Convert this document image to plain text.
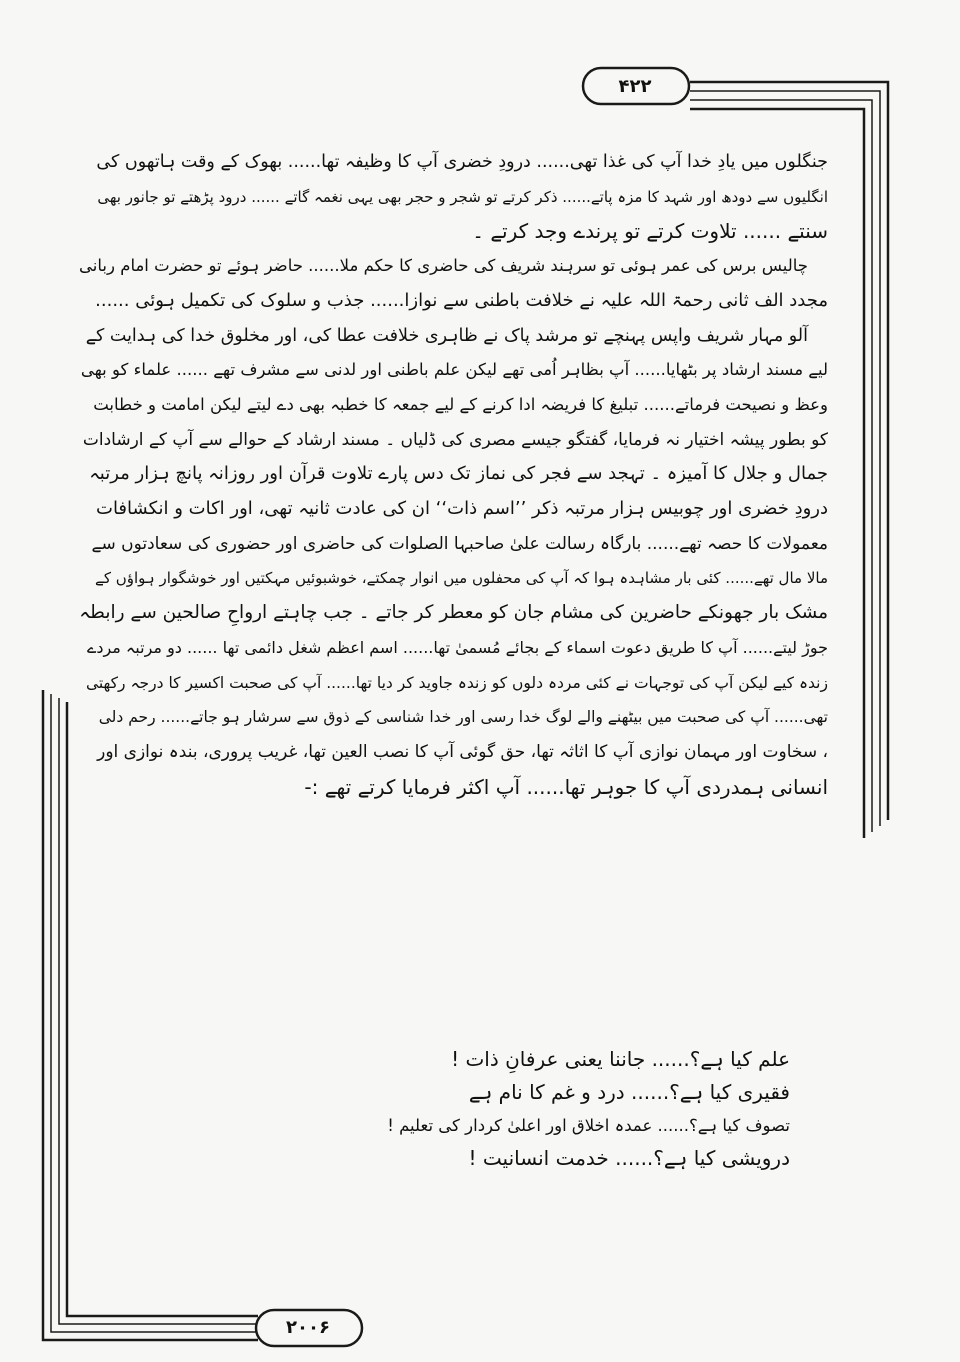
۴۲۲
۲۰۰۶

جنگلوں میں یادِ خدا آپ کی غذا تھی...... درودِ خضری آپ کا وظیفہ تھا...... بھوک کے وقت ہاتھوں کی
انگلیوں سے دودھ اور شہد کا مزہ پاتے...... ذکر کرتے تو شجر و حجر بھی یہی نغمہ گاتے ...... درود پڑھتے تو جانور بھی
سنتے ...... تلاوت کرتے تو پرندے وجد کرتے ۔

چالیس برس کی عمر ہوئی تو سرہند شریف کی حاضری کا حکم ملا...... حاضر ہوئے تو حضرت امام ربانی
مجدد الف ثانی رحمۃ اللہ علیہ نے خلافت باطنی سے نوازا...... جذب و سلوک کی تکمیل ہوئی ......

آلو مہار شریف واپس پہنچے تو مرشد پاک نے ظاہری خلافت عطا کی، اور مخلوق خدا کی ہدایت کے
لیے مسند ارشاد پر بٹھایا...... آپ بظاہر اُمی تھے لیکن علم باطنی اور لدنی سے مشرف تھے ...... علماء کو بھی
وعظ و نصیحت فرماتے...... تبلیغ کا فریضہ ادا کرنے کے لیے جمعہ کا خطبہ بھی دے لیتے لیکن امامت و خطابت
کو بطور پیشہ اختیار نہ فرمایا، گفتگو جیسے مصری کی ڈلیاں ۔ مسند ارشاد کے حوالے سے آپ کے ارشادات
جمال و جلال کا آمیزہ ۔ تہجد سے فجر کی نماز تک دس پارے تلاوت قرآن اور روزانہ پانچ ہزار مرتبہ
درودِ خضری اور چوبیس ہزار مرتبہ ذکر ’’اسم ذات‘‘ ان کی عادت ثانیہ تھی، اور اکات و انکشافات
معمولات کا حصہ تھے...... بارگاہ رسالت علیٰ صاحبہا الصلوات کی حاضری اور حضوری کی سعادتوں سے
مالا مال تھے...... کئی بار مشاہدہ ہوا کہ آپ کی محفلوں میں انوار چمکتے، خوشبوئیں مہکتیں اور خوشگوار ہواؤں کے
مشک بار جھونکے حاضرین کی مشام جان کو معطر کر جاتے ۔ جب چاہتے ارواحِ صالحین سے رابطہ
جوڑ لیتے...... آپ کا طریق دعوت اسماء کے بجائے مُسمیٰ تھا...... اسم اعظم شغل دائمی تھا ...... دو مرتبہ مردے
زندہ کیے لیکن آپ کی توجہات نے کئی مردہ دلوں کو زندہ جاوید کر دیا تھا...... آپ کی صحبت اکسیر کا درجہ رکھتی
تھی...... آپ کی صحبت میں بیٹھنے والے لوگ خدا رسی اور خدا شناسی کے ذوق سے سرشار ہو جاتے...... رحم دلی
، سخاوت اور مہمان نوازی آپ کا اثاثہ تھا، حق گوئی آپ کا نصب العین تھا، غریب پروری، بندہ نوازی اور
انسانی ہمدردی آپ کا جوہر تھا...... آپ اکثر فرمایا کرتے تھے :-

علم کیا ہے؟...... جاننا یعنی عرفانِ ذات !
فقیری کیا ہے؟...... درد و غم کا نام ہے
تصوف کیا ہے؟...... عمدہ اخلاق اور اعلیٰ کردار کی تعلیم !
درویشی کیا ہے؟...... خدمت انسانیت !
